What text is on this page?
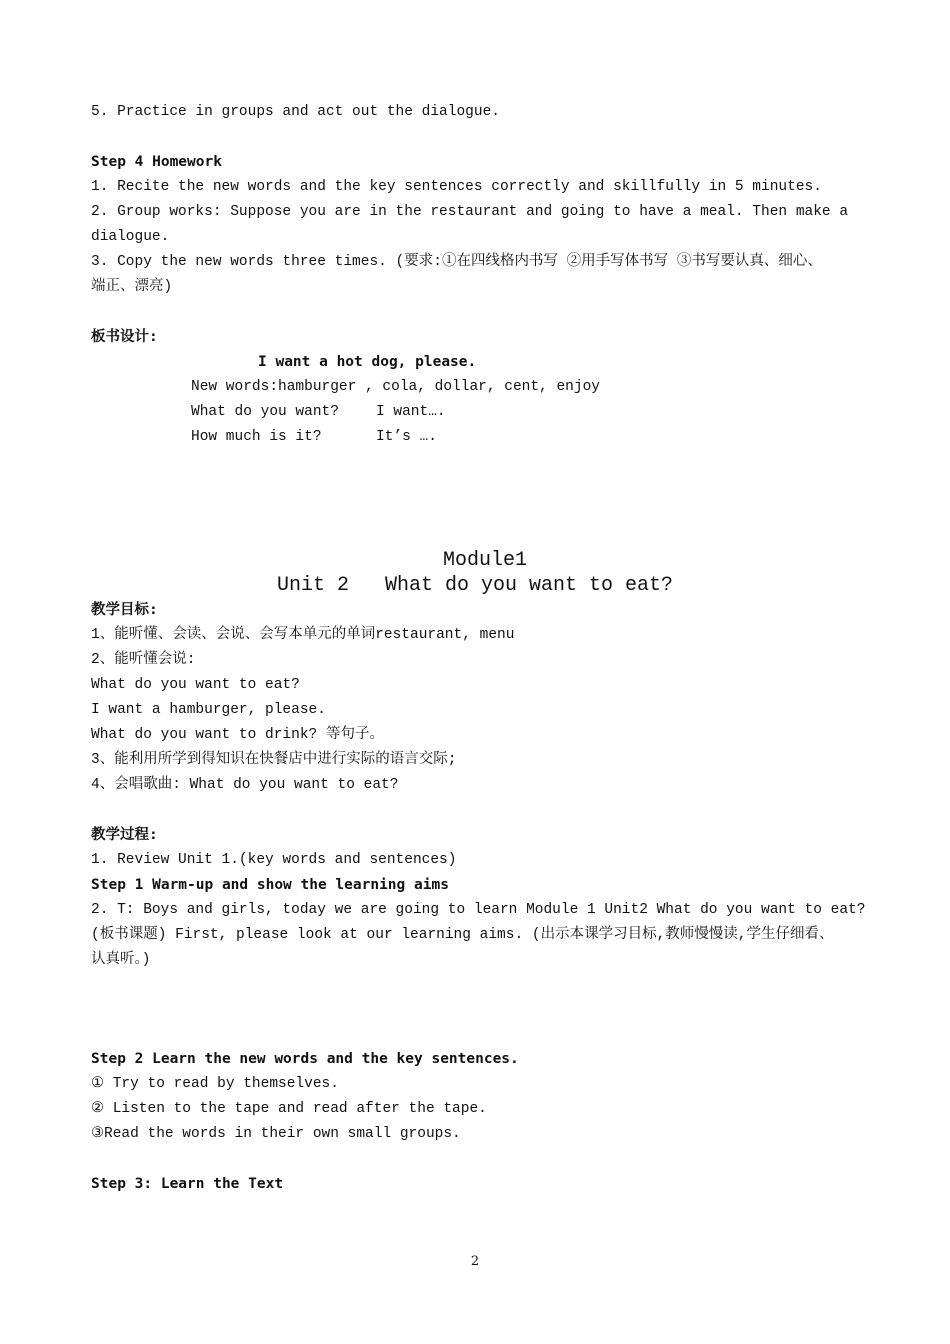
5. Practice in groups and act out the dialogue.
Step 4 Homework
1. Recite the new words and the key sentences correctly and skillfully in 5 minutes.
2. Group works: Suppose you are in the restaurant and going to have a meal. Then make a
dialogue.
3. Copy the new words three times. (要求:①在四线格内书写 ②用手写体书写 ③书写要认真、细心、
端正、漂亮)
板书设计:
I want a hot dog, please.
New words:hamburger , cola, dollar, cent, enjoy
What do you want?	I want….
How much is it?	It’s ….
Module1
Unit 2   What do you want to eat?
教学目标:
1、能听懂、会读、会说、会写本单元的单词restaurant, menu
2、能听懂会说:
What do you want to eat?
I want a hamburger, please.
What do you want to drink? 等句子。
3、能利用所学到得知识在快餐店中进行实际的语言交际;
4、会唱歌曲: What do you want to eat?
教学过程:
1. Review Unit 1.(key words and sentences)
Step 1 Warm-up and show the learning aims
2. T: Boys and girls, today we are going to learn Module 1 Unit2 What do you want to eat?
(板书课题) First, please look at our learning aims. (出示本课学习目标,教师慢慢读,学生仔细看、
认真听。)
Step 2 Learn the new words and the key sentences.
① Try to read by themselves.
② Listen to the tape and read after the tape.
③Read the words in their own small groups.
Step 3: Learn the Text
2
